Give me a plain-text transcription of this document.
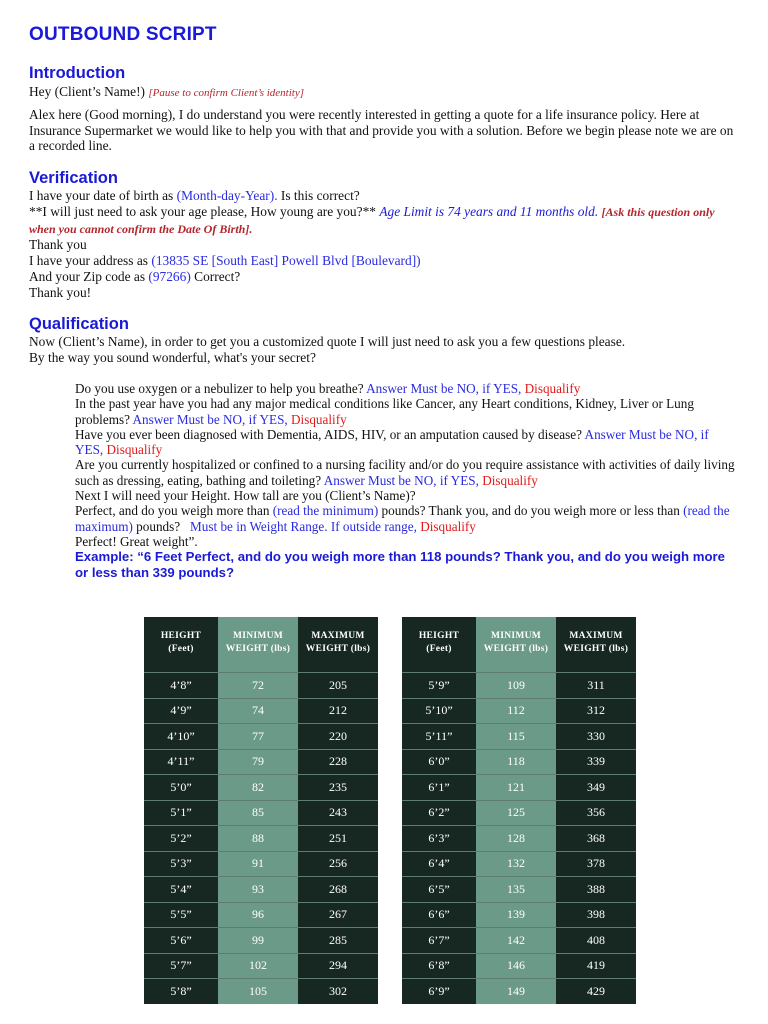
OUTBOUND SCRIPT
Introduction

Hey (Client’s Name!) [Pause to confirm Client’s identity]

Alex here (Good morning), I do understand you were recently interested in getting a quote for a life insurance policy. Here at Insurance Supermarket we would like to help you with that and provide you with a solution. Before we begin please note we are on a recorded line.

Verification

I have your date of birth as (Month-day-Year). Is this correct?

**I will just need to ask your age please, How young are you?** Age Limit is 74 years and 11 months old. [Ask this question only when you cannot confirm the Date Of Birth].

Thank you

I have your address as (13835 SE [South East] Powell Blvd [Boulevard])

And your Zip code as (97266) Correct?

Thank you!

Qualification

Now (Client’s Name), in order to get you a customized quote I will just need to ask you a few questions please.

By the way you sound wonderful, what's your secret?

Do you use oxygen or a nebulizer to help you breathe? Answer Must be NO, if YES, Disqualify

In the past year have you had any major medical conditions like Cancer, any Heart conditions, Kidney, Liver or Lung problems? Answer Must be NO, if YES, Disqualify

Have you ever been diagnosed with Dementia, AIDS, HIV, or an amputation caused by disease? Answer Must be NO, if YES, Disqualify

Are you currently hospitalized or confined to a nursing facility and/or do you require assistance with activities of daily living such as dressing, eating, bathing and toileting? Answer Must be NO, if YES, Disqualify

Next I will need your Height. How tall are you (Client’s Name)?

Perfect, and do you weigh more than (read the minimum) pounds? Thank you, and do you weigh more or less than (read the maximum) pounds? Must be in Weight Range. If outside range, Disqualify

Perfect! Great weight”.

Example: “6 Feet Perfect, and do you weigh more than 118 pounds? Thank you, and do you weigh more or less than 339 pounds?

HEIGHT
(Feet)	MINIMUM
WEIGHT (lbs)	MAXIMUM
WEIGHT (lbs)

4’8”	72	205
4’9”	74	212
4’10”	77	220
4’11”	79	228
5’0”	82	235
5’1”	85	243
5’2”	88	251
5’3”	91	256
5’4”	93	268
5’5”	96	267
5’6”	99	285
5’7”	102	294
5’8”	105	302
HEIGHT
(Feet)	MINIMUM
WEIGHT (lbs)	MAXIMUM
WEIGHT (lbs)

5’9”	109	311
5’10”	112	312
5’11”	115	330
6’0”	118	339
6’1”	121	349
6’2”	125	356
6’3”	128	368
6’4”	132	378
6’5”	135	388
6’6”	139	398
6’7”	142	408
6’8”	146	419
6’9”	149	429
